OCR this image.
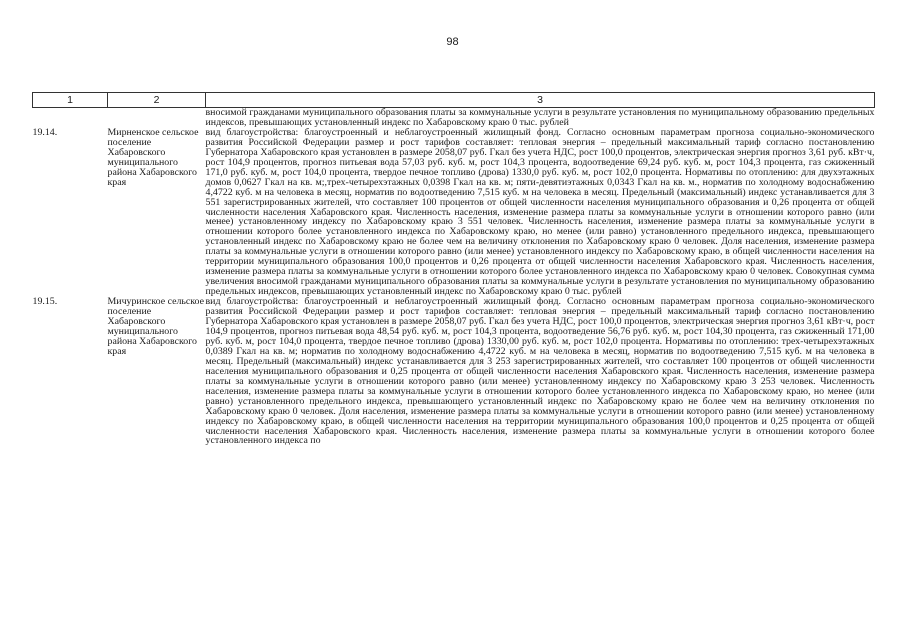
98
1	2	3
		вносимой гражданами муниципального образования платы за коммунальные услуги в результате установления по муниципальному образованию предельных индексов, превышающих установленный индекс по Хабаровскому краю 0 тыс. рублей
19.14.	Мирненское сельское поселение Хабаровского муниципального района Хабаровского края	вид благоустройства: благоустроенный и неблагоустроенный жилищный фонд. Согласно основным параметрам прогноза социально-экономического развития Российской Федерации размер и рост тарифов составляет: тепловая энергия – предельный максимальный тариф согласно постановлению Губернатора Хабаровского края установлен в размере 2058,07 руб. Гкал без учета НДС, рост 100,0 процентов, электрическая энергия прогноз 3,61 руб. кВт·ч, рост 104,9 процентов, прогноз питьевая вода 57,03 руб. куб. м, рост 104,3 процента, водоотведение 69,24 руб. куб. м, рост 104,3 процента, газ сжиженный 171,0 руб. куб. м, рост 104,0 процента, твердое печное топливо (дрова) 1330,0 руб. куб. м, рост 102,0 процента. Нормативы по отоплению: для двухэтажных домов 0,0627 Гкал на кв. м;,трех-четырехэтажных 0,0398 Гкал на кв. м; пяти-девятиэтажных 0,0343 Гкал на кв. м., норматив по холодному водоснабжению 4,4722 куб. м на человека в месяц, норматив по водоотведению 7,515 куб. м на человека в месяц. Предельный (максимальный) индекс устанавливается для 3 551 зарегистрированных жителей, что составляет 100 процентов от общей численности населения муниципального образования и 0,26 процента от общей численности населения Хабаровского края. Численность населения, изменение размера платы за коммунальные услуги в отношении которого равно (или менее) установленному индексу по Хабаровскому краю 3 551 человек. Численность населения, изменение размера платы за коммунальные услуги в отношении которого более установленного индекса по Хабаровскому краю, но менее (или равно) установленного предельного индекса, превышающего установленный индекс по Хабаровскому краю не более чем на величину отклонения по Хабаровскому краю 0 человек. Доля населения, изменение размера платы за коммунальные услуги в отношении которого равно (или менее) установленного индексу по Хабаровскому краю, в общей численности населения на территории муниципального образования 100,0 процентов и 0,26 процента от общей численности населения Хабаровского края. Численность населения, изменение размера платы за коммунальные услуги в отношении которого более установленного индекса по Хабаровскому краю 0 человек. Совокупная сумма увеличения вносимой гражданами муниципального образования платы за коммунальные услуги в результате установления по муниципальному образованию предельных индексов, превышающих установленный индекс по Хабаровскому краю 0 тыс. рублей
19.15.	Мичуринское сельское поселение Хабаровского муниципального района Хабаровского края	вид благоустройства: благоустроенный и неблагоустроенный жилищный фонд. Согласно основным параметрам прогноза социально-экономического развития Российской Федерации размер и рост тарифов составляет: тепловая энергия – предельный максимальный тариф согласно постановлению Губернатора Хабаровского края установлен в размере 2058,07 руб. Гкал без учета НДС, рост 100,0 процентов, электрическая энергия прогноз 3,61 кВт·ч, рост 104,9 процентов, прогноз питьевая вода 48,54 руб. куб. м, рост 104,3 процента, водоотведение 56,76 руб. куб. м, рост 104,30 процента, газ сжиженный 171,00 руб. куб. м, рост 104,0 процента, твердое печное топливо (дрова) 1330,00 руб. куб. м, рост 102,0 процента. Нормативы по отоплению: трех-четырехэтажных 0,0389 Гкал на кв. м; норматив по холодному водоснабжению 4,4722 куб. м на человека в месяц, норматив по водоотведению 7,515 куб. м на человека в месяц. Предельный (максимальный) индекс устанавливается для 3 253 зарегистрированных жителей, что составляет 100 процентов от общей численности населения муниципального образования и 0,25 процента от общей численности населения Хабаровского края. Численность населения, изменение размера платы за коммунальные услуги в отношении которого равно (или менее) установленному индексу по Хабаровскому краю 3 253 человек. Численность населения, изменение размера платы за коммунальные услуги в отношении которого более установленного индекса по Хабаровскому краю, но менее (или равно) установленного предельного индекса, превышающего установленный индекс по Хабаровскому краю не более чем на величину отклонения по Хабаровскому краю 0 человек. Доля населения, изменение размера платы за коммунальные услуги в отношении которого равно (или менее) установленному индексу по Хабаровскому краю, в общей численности населения на территории муниципального образования 100,0 процентов и 0,25 процента от общей численности населения Хабаровского края. Численность населения, изменение размера платы за коммунальные услуги в отношении которого более установленного индекса по
